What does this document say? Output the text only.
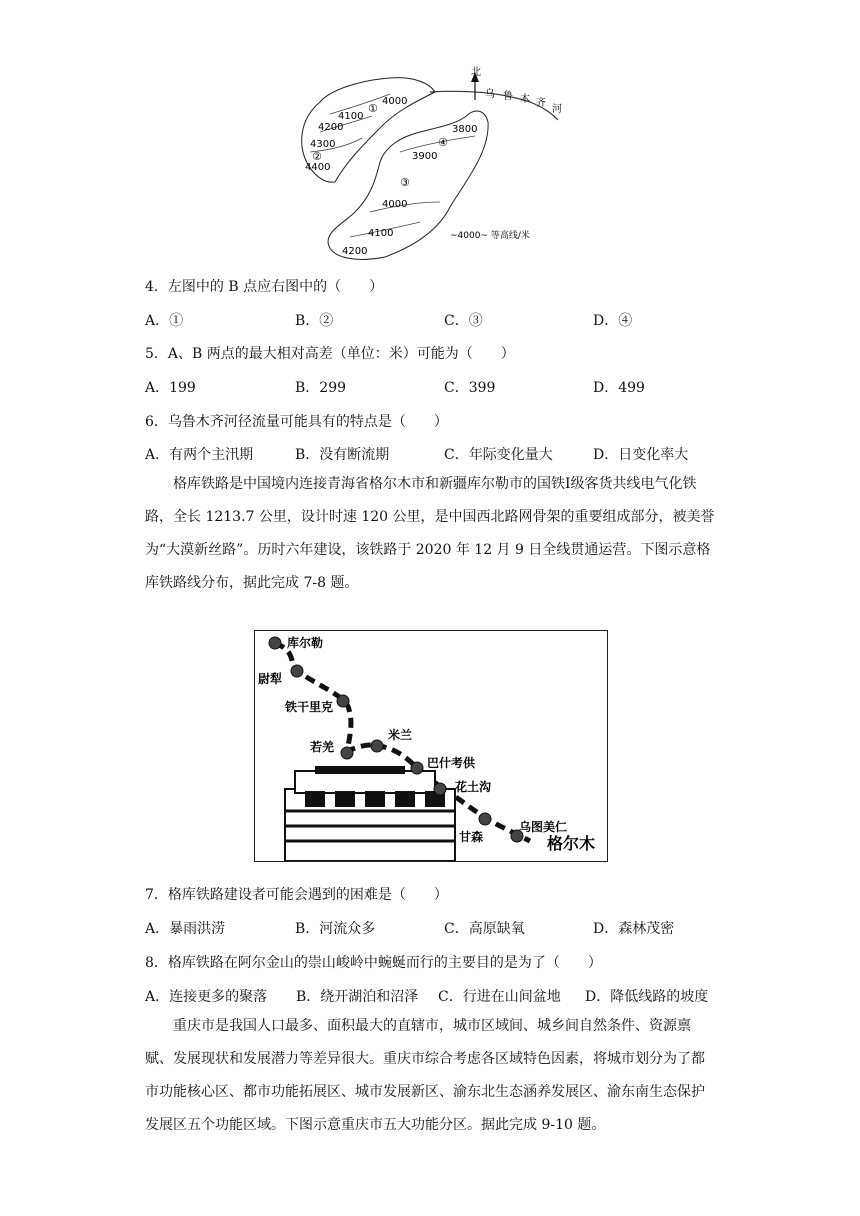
北
乌 鲁 木 齐
河
4000
4100
4200
4300
4400
3800
3900
4000
4100
4200
①
②
③
④
~4000~ 等高线/米
4．左图中的 B 点应右图中的（　　）
A．①	B．②	C．③	D．④
5．A、B 两点的最大相对高差（单位：米）可能为（　　）
A．199	B．299	C．399	D．499
6．乌鲁木齐河径流量可能具有的特点是（　　）
A．有两个主汛期	B．没有断流期	C．年际变化量大	D．日变化率大
格库铁路是中国境内连接青海省格尔木市和新疆库尔勒市的国铁Ⅰ级客货共线电气化铁路，全长 1213.7 公里，设计时速 120 公里，是中国西北路网骨架的重要组成部分，被美誉为“大漠新丝路”。历时六年建设，该铁路于 2020 年 12 月 9 日全线贯通运营。下图示意格库铁路线分布，据此完成 7-8 题。
库尔勒
尉犁
铁干里克
若羌
米兰
巴什考供
花土沟
甘森
乌图美仁
格尔木
7．格库铁路建设者可能会遇到的困难是（　　）
A．暴雨洪涝	B．河流众多	C．高原缺氧	D．森林茂密
8．格库铁路在阿尔金山的崇山峻岭中蜿蜒而行的主要目的是为了（　　）
A．连接更多的聚落 B．绕开湖泊和沼泽 C．行进在山间盆地 D．降低线路的坡度
重庆市是我国人口最多、面积最大的直辖市，城市区域间、城乡间自然条件、资源禀赋、发展现状和发展潜力等差异很大。重庆市综合考虑各区域特色因素，将城市划分为了都市功能核心区、都市功能拓展区、城市发展新区、渝东北生态涵养发展区、渝东南生态保护发展区五个功能区域。下图示意重庆市五大功能分区。据此完成 9-10 题。
